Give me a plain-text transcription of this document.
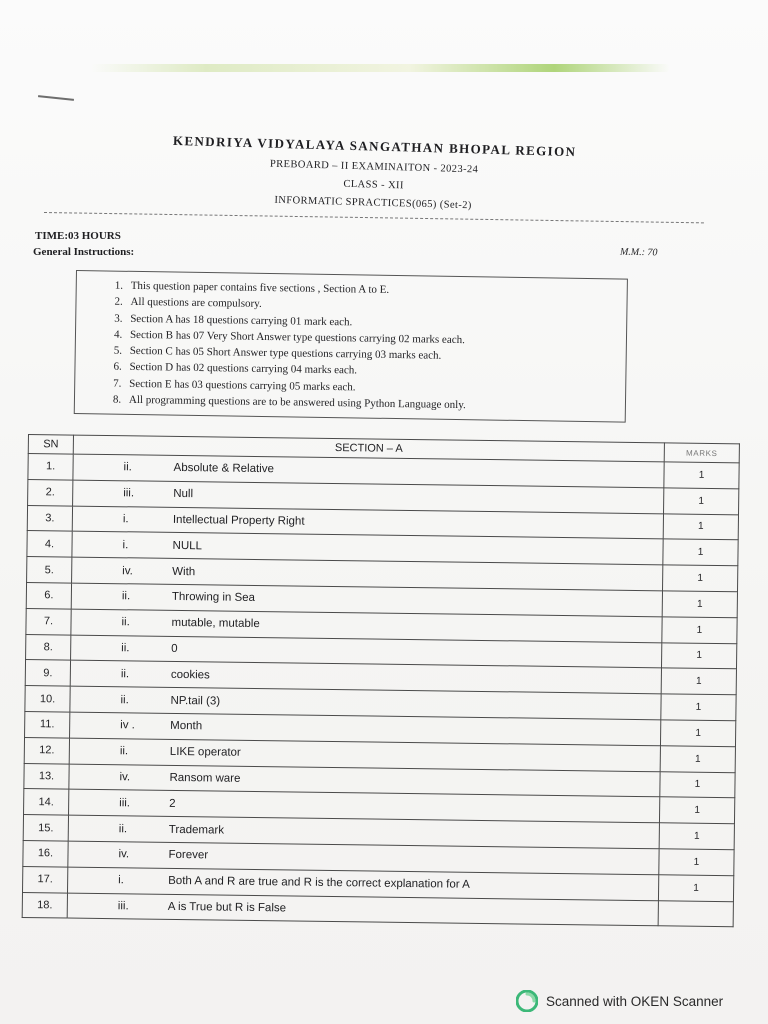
KENDRIYA VIDYALAYA SANGATHAN BHOPAL REGION

PREBOARD – II EXAMINAITON - 2023-24

CLASS - XII

INFORMATIC SPRACTICES(065) (Set-2)

TIME:03 HOURS
General Instructions:	M.M.: 70
1. This question paper contains five sections , Section A to E.
2. All questions are compulsory.
3. Section A has 18 questions carrying 01 mark each.
4. Section B has 07 Very Short Answer type questions carrying 02 marks each.
5. Section C has 05 Short Answer type questions carrying 03 marks each.
6. Section D has 02 questions carrying 04 marks each.
7. Section E has 03 questions carrying 05 marks each.
8. All programming questions are to be answered using Python Language only.
SN	SECTION – A	MARKS
1.	ii. Absolute & Relative	1
2.	iii. Null	1
3.	i. Intellectual Property Right	1
4.	i. NULL	1
5.	iv. With	1
6.	ii. Throwing in Sea	1
7.	ii. mutable, mutable	1
8.	ii. 0	1
9.	ii. cookies	1
10.	ii. NP.tail (3)	1
11.	iv . Month	1
12.	ii. LIKE operator	1
13.	iv. Ransom ware	1
14.	iii. 2	1
15.	ii. Trademark	1
16.	iv. Forever	1
17.	i. Both A and R are true and R is the correct explanation for A	1
18.	iii. A is True but R is False	
Scanned with OKEN Scanner
